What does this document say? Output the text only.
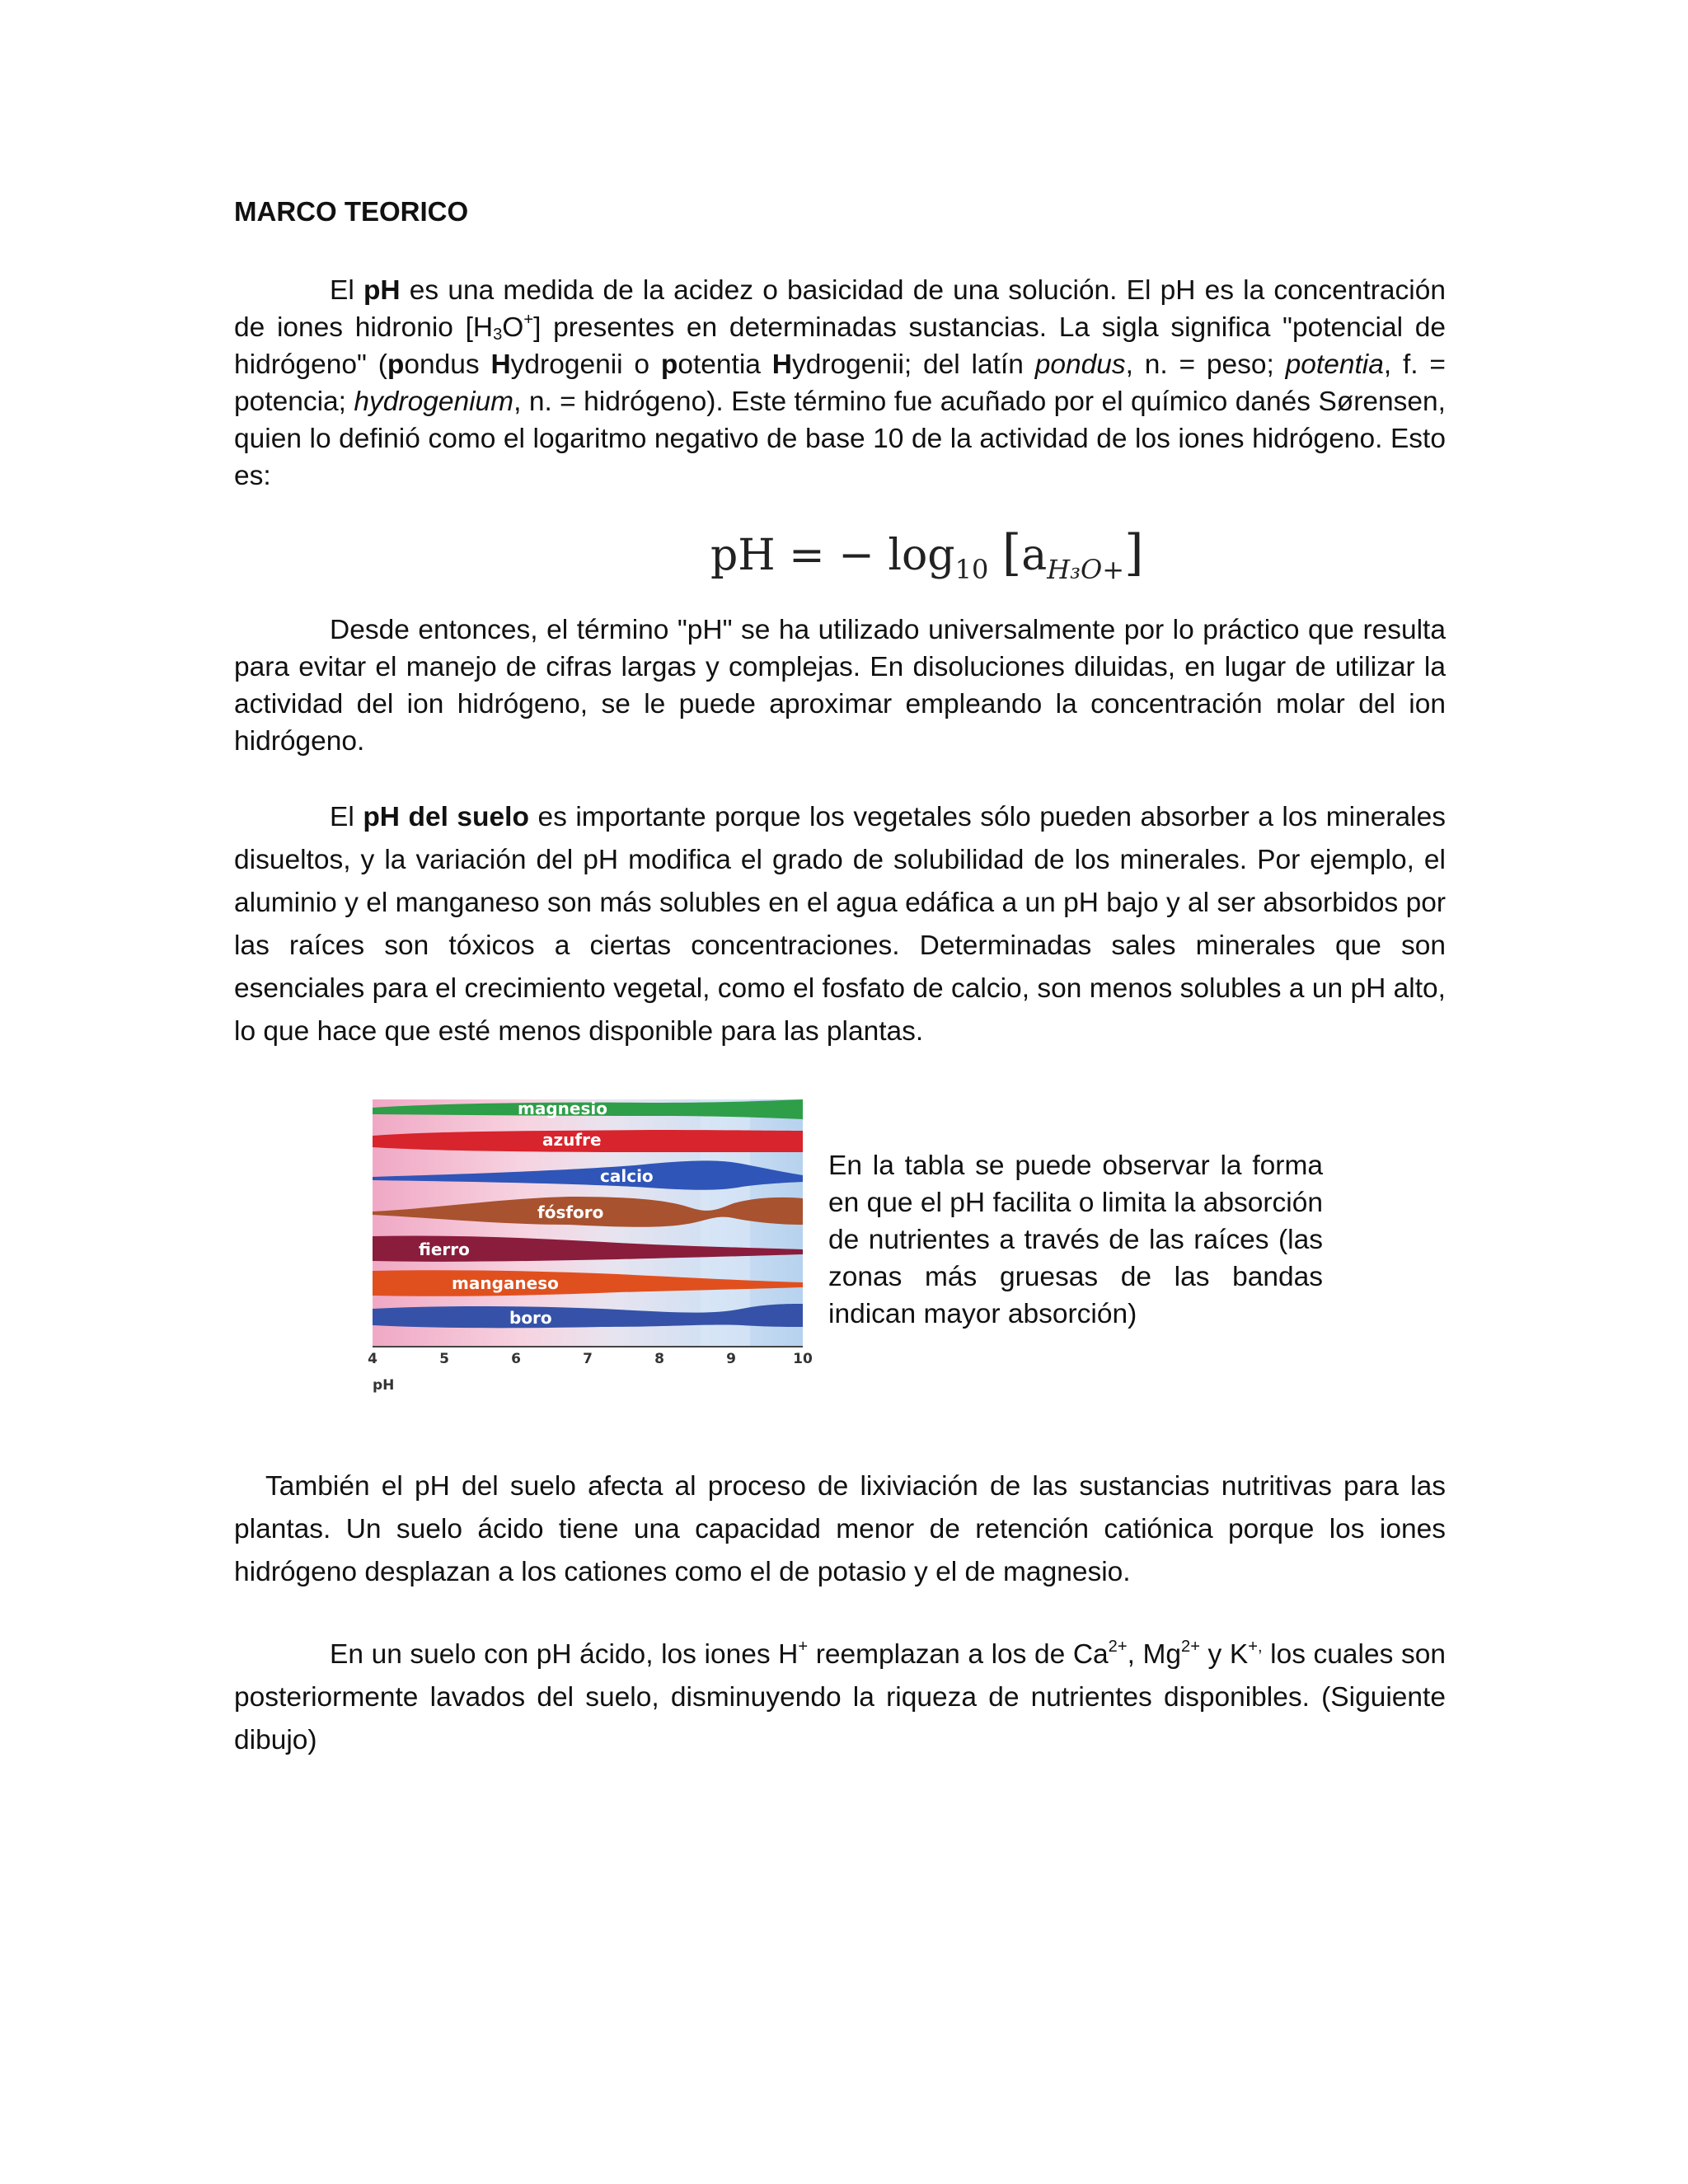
MARCO TEORICO

El pH es una medida de la acidez o basicidad de una solución. El pH es la concentración de iones hidronio $[H_3O^+]$ presentes en determinadas sustancias. La sigla significa "potencial de hidrógeno" (pondus Hydrogenii o potentia Hydrogenii; del latín pondus, n. = peso; potentia, f. = potencia; hydrogenium, n. = hidrógeno). Este término fue acuñado por el químico danés Sørensen, quien lo definió como el logaritmo negativo de base 10 de la actividad de los iones hidrógeno. Esto es:

pH = − $\log_{10} [a_{H_3O+}]$

Desde entonces, el término "pH" se ha utilizado universalmente por lo práctico que resulta para evitar el manejo de cifras largas y complejas. En disoluciones diluidas, en lugar de utilizar la actividad del ion hidrógeno, se le puede aproximar empleando la concentración molar del ion hidrógeno.

El pH del suelo es importante porque los vegetales sólo pueden absorber a los minerales disueltos, y la variación del pH modifica el grado de solubilidad de los minerales. Por ejemplo, el aluminio y el manganeso son más solubles en el agua edáfica a un pH bajo y al ser absorbidos por las raíces son tóxicos a ciertas concentraciones. Determinadas sales minerales que son esenciales para el crecimiento vegetal, como el fosfato de calcio, son menos solubles a un pH alto, lo que hace que esté menos disponible para las plantas.

magnesio
azufre
calcio
fósforo
fierro
manganeso
boro
4	5	6	7	8	9	10
pH

En la tabla se puede observar la forma en que el pH facilita o limita la absorción de nutrientes a través de las raíces (las zonas más gruesas de las bandas indican mayor absorción)

También el pH del suelo afecta al proceso de lixiviación de las sustancias nutritivas para las plantas. Un suelo ácido tiene una capacidad menor de retención catiónica porque los iones hidrógeno desplazan a los cationes como el de potasio y el de magnesio.

En un suelo con pH ácido, los iones H+ reemplazan a los de $Ca^{2+}$, $Mg^{2+}$ y K+, los cuales son posteriormente lavados del suelo, disminuyendo la riqueza de nutrientes disponibles. (Siguiente dibujo)
